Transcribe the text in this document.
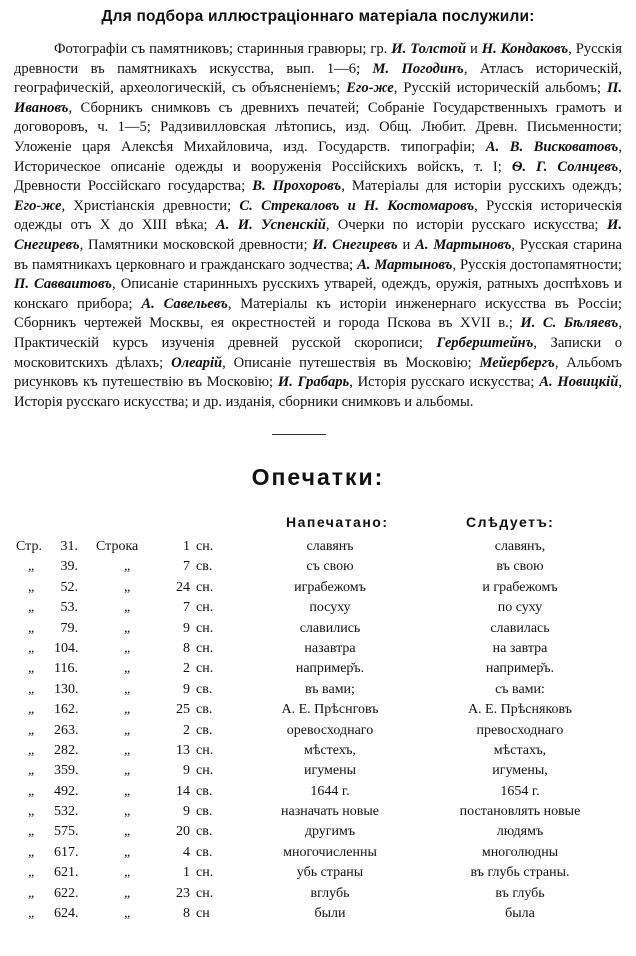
Для подбора иллюстраціоннаго матеріала послужили:
Фотографіи съ памятниковъ; старинныя гравюры; гр. И. Толстой и Н. Кондаковъ, Русскія древности въ памятникахъ искусства, вып. 1—6; М. Погодинъ, Атласъ историческій, географическій, археологическій, съ объясненіемъ; Его-же, Русскій историческій альбомъ; П. Ивановъ, Сборникъ снимковъ съ древнихъ печатей; Собраніе Государственныхъ грамотъ и договоровъ, ч. 1—5; Радзивилловская лѣтопись, изд. Общ. Любит. Древн. Письменности; Уложеніе царя Алексѣя Михайловича, изд. Государств. типографіи; А. В. Висковатовъ, Историческое описаніе одежды и вооруженія Россійскихъ войскъ, т. I; Ѳ. Г. Солнцевъ, Древности Россійскаго государства; В. Прохоровъ, Матеріалы для исторіи русскихъ одеждъ; Его-же, Христіанскія древности; С. Стрекаловъ и Н. Костомаровъ, Русскія историческія одежды отъ X до XIII вѣка; А. И. Успенскій, Очерки по исторіи русскаго искусства; И. Снегиревъ, Памятники московской древности; И. Снегиревъ и А. Мартыновъ, Русская старина въ памятникахъ церковнаго и гражданскаго зодчества; А. Мартыновъ, Русскія достопамятности; П. Савваитовъ, Описаніе старинныхъ русскихъ утварей, одеждъ, оружія, ратныхъ доспѣховъ и конскаго прибора; А. Савельевъ, Матеріалы къ исторіи инженернаго искусства въ Россіи; Сборникъ чертежей Москвы, ея окрестностей и города Пскова въ XVII в.; И. С. Бѣляевъ, Практическій курсъ изученія древней русской скорописи; Герберштейнъ, Записки о московитскихъ дѣлахъ; Олеарій, Описаніе путешествія въ Московію; Мейербергъ, Альбомъ рисунковъ къ путешествію въ Московію; И. Грабарь, Исторія русскаго искусства; А. Новицкій, Исторія русскаго искусства; и др. изданія, сборники снимковъ и альбомы.
Опечатки:
Напечатано:	Слѣдуетъ:
Стр.	31. Строка	1 сн.	славянъ	славянъ,
„	39.	„	7 св.	съ свою	въ свою
„	52.	„	24 сн.	играбежомъ	и грабежомъ
„	53.	„	7 сн.	посуху	по суху
„	79.	„	9 сн.	славились	славилась
„ 104.	„	8 сн.	назавтра	на завтра
„ 116.	„	2 сн.	например̌ъ.	например̌ъ.
„ 130.	„	9 св.	въ вами;	съ вами:
„ 162.	„	25 св.	А. Е. Прѣснговъ	А. Е. Прѣсняковъ
„ 263.	„	2 св.	оревосходнаго	превосходнаго
„ 282.	„	13 сн.	мѣстехъ,	мѣстахъ,
„ 359.	„	9 сн.	игумены	игумены,
„ 492.	„	14 св.	1644 г.	1654 г.
„ 532.	„	9 св.	назначать новые	постановлять новые
„ 575.	„	20 св.	другимъ	людямъ
„ 617.	„	4 св.	многочисленны	многолюдны
„ 621.	„	1 сн.	убь страны	въ глубь страны.
„ 622.	„	23 сн.	вглубь	въ глубь
„ 624.	„	8 сн	были	была
